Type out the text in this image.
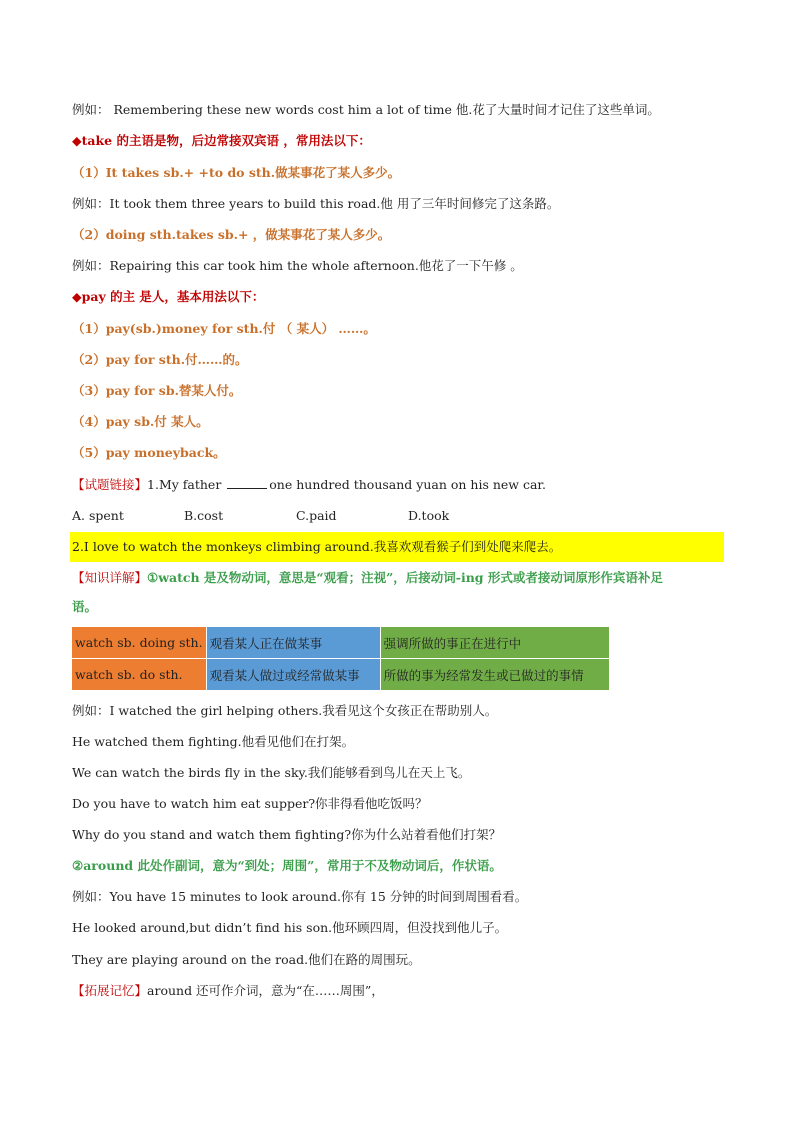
例如： Remembering these new words cost him a lot of time 他.花了大量时间才记住了这些单词。
◆take 的主语是物，后边常接双宾语 ，常用法以下：
（1）It takes sb.+ +to do sth.做某事花了某人多少。
例如：It took them three years to build this road.他 用了三年时间修完了这条路。
（2）doing sth.takes sb.+ ，做某事花了某人多少。
例如：Repairing this car took him the whole afternoon.他花了一下午修 。
◆pay 的主 是人，基本用法以下：
（1）pay(sb.)money for sth.付 （ 某人） ……。
（2）pay for sth.付……的。
（3）pay for sb.替某人付。
（4）pay sb.付 某人。
（5）pay moneyback。
【试题链接】1.My father	one hundred thousand yuan on his new car.
A. spent	B.cost	C.paid	D.took
2.I love to watch the monkeys climbing around.我喜欢观看猴子们到处爬来爬去。
【知识详解】①watch 是及物动词，意思是“观看；注视”，后接动词-ing 形式或者接动词原形作宾语补足
语。
watch sb. doing sth.	观看某人正在做某事	强调所做的事正在进行中
watch sb. do sth.	观看某人做过或经常做某事	所做的事为经常发生或已做过的事情
例如：I watched the girl helping others.我看见这个女孩正在帮助别人。
He watched them fighting.他看见他们在打架。
We can watch the birds fly in the sky.我们能够看到鸟儿在天上飞。
Do you have to watch him eat supper?你非得看他吃饭吗？
Why do you stand and watch them fighting?你为什么站着看他们打架？
②around 此处作副词，意为“到处；周围”，常用于不及物动词后，作状语。
例如：You have 15 minutes to look around.你有 15 分钟的时间到周围看看。
He looked around,but didn’t find his son.他环顾四周，但没找到他儿子。
They are playing around on the road.他们在路的周围玩。
【拓展记忆】around 还可作介词，意为“在……周围”，
